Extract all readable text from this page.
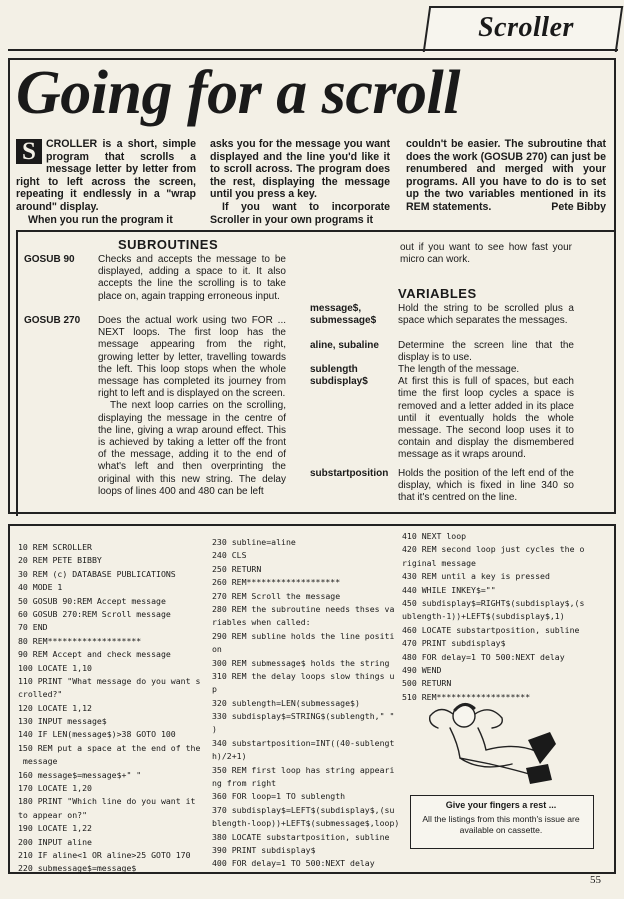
Scroller
Going for a scroll

S CROLLER is a short, simple program that scrolls a message letter by letter from right to left across the screen, repeating it endlessly in a "wrap around" display.

When you run the program it

asks you for the message you want displayed and the line you'd like it to scroll across. The program does the rest, displaying the message until you press a key.

If you want to incorporate Scroller in your own programs it

couldn't be easier. The subroutine that does the work (GOSUB 270) can just be renumbered and merged with your programs. All you have to do is to set up the two variables mentioned in its REM statements.	Pete Bibby
SUBROUTINES
GOSUB 90 Checks and accepts the message to be displayed, adding a space to it. It also accepts the line the scrolling is to take place on, again trapping erroneous input.
GOSUB 270 Does the actual work using two FOR ... NEXT loops. The first loop has the message appearing from the right, growing letter by letter, travelling towards the left. This loop stops when the whole message has completed its journey from right to left and is displayed on the screen.

The next loop carries on the scrolling, displaying the message in the centre of the line, giving a wrap around effect. This is achieved by taking a letter off the front of the message, adding it to the end of what's left and then overprinting the original with this new string. The delay loops of lines 400 and 480 can be left

out if you want to see how fast your micro can work.
VARIABLES
message$,
submessage$
Hold the string to be scrolled plus a space which separates the messages.
aline, subaline Determine the screen line that the display is to use.
sublength
subdisplay$

The length of the message.

At first this is full of spaces, but each time the first loop cycles a space is removed and a letter added in its place until it eventually holds the whole message. The second loop uses it to contain and display the dismembered message as it wraps around.

substartposition Holds the position of the left end of the display, which is fixed in line 340 so that it's centred on the line.
10 REM SCROLLER
20 REM PETE BIBBY
30 REM (c) DATABASE PUBLICATIONS
40 MODE 1
50 GOSUB 90:REM Accept message
60 GOSUB 270:REM Scroll message
70 END
80 REM*******************
90 REM Accept and check message
100 LOCATE 1,10
110 PRINT "What message do you want s
crolled?"
120 LOCATE 1,12
130 INPUT message$
140 IF LEN(message$)>38 GOTO 100
150 REM put a space at the end of the
message
160 message$=message$+" "
170 LOCATE 1,20
180 PRINT "Which line do you want it
to appear on?"
190 LOCATE 1,22
200 INPUT aline
210 IF aline<1 OR aline>25 GOTO 170
220 submessage$=message$
230 subline=aline
240 CLS
250 RETURN
260 REM*******************
270 REM Scroll the message
280 REM the subroutine needs thses va
riables when called:
290 REM subline holds the line positi
on
300 REM submessage$ holds the string
310 REM the delay loops slow things u
p
320 sublength=LEN(submessage$)
330 subdisplay$=STRING$(sublength," "
)
340 substartposition=INT((40-sublengt
h)/2+1)
350 REM first loop has string appeari
ng from right
360 FOR loop=1 TO sublength
370 subdisplay$=LEFT$(subdisplay$,(su
blength-loop))+LEFT$(submessage$,loop)
380 LOCATE substartposition, subline
390 PRINT subdisplay$
400 FOR delay=1 TO 500:NEXT delay
410 NEXT loop
420 REM second loop just cycles the o
riginal message
430 REM until a key is pressed
440 WHILE INKEY$=""
450 subdisplay$=RIGHT$(subdisplay$,(s
ublength-1))+LEFT$(subdisplay$,1)
460 LOCATE substartposition, subline
470 PRINT subdisplay$
480 FOR delay=1 TO 500:NEXT delay
490 WEND
500 RETURN
510 REM*******************
Give your fingers a rest ...
All the listings from this month's issue are available on cassette.
55
